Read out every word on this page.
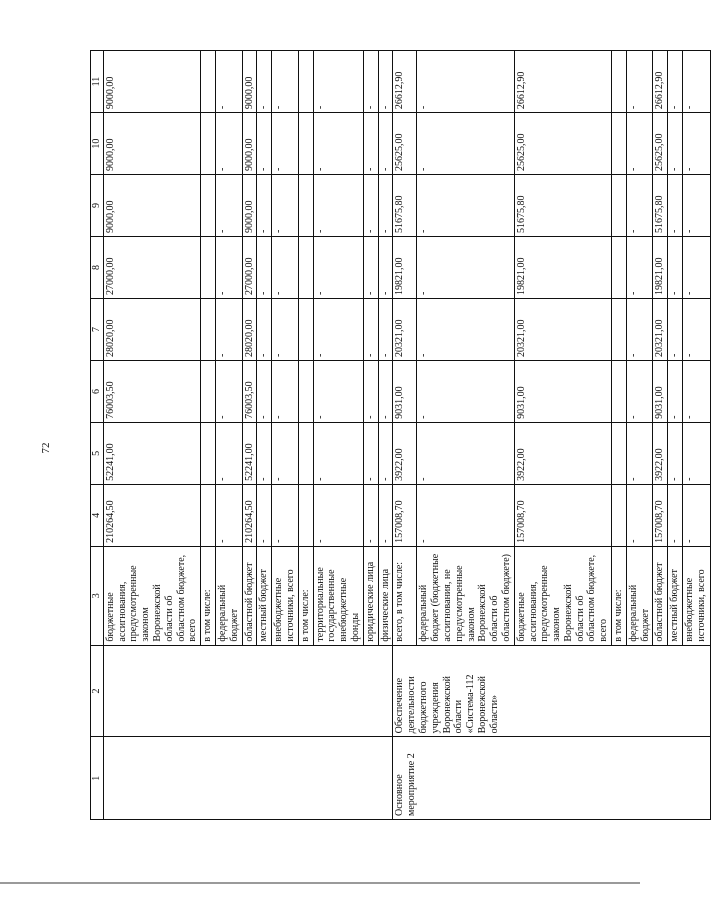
72
1	2	3	4	5	6	7	8	9	10	11
		бюджетные ассигнования, предусмотренные законом Воронежской области об областном бюджете, всего	210264,50	52241,00	76003,50	28020,00	27000,00	9000,00	9000,00	9000,00
		в том числе:								
		федеральный бюджет	-	-	-	-	-	-	-	-
		областной бюджет	210264,50	52241,00	76003,50	28020,00	27000,00	9000,00	9000,00	9000,00
		местный бюджет	-	-	-	-	-	-	-	-
		внебюджетные источники, всего	-	-	-	-	-	-	-	-
		в том числе:								
		территориальные государственные внебюджетные фонды	-	-	-	-	-	-	-	-
		юридические лица	-	-	-	-	-	-	-	-
		физические лица	-	-	-	-	-	-	-	-
Основное мероприятие 2	Обеспечение деятельности бюджетного учреждения Воронежской области «Система-112 Воронежской области»	всего, в том числе:	157008,70	3922,00	9031,00	20321,00	19821,00	51675,80	25625,00	26612,90
		федеральный бюджет (бюджетные ассигнования, не предусмотренные законом Воронежской области об областном бюджете)	-	-	-	-	-	-	-	-
		бюджетные ассигнования, предусмотренные законом Воронежской области об областном бюджете, всего	157008,70	3922,00	9031,00	20321,00	19821,00	51675,80	25625,00	26612,90
		в том числе:								
		федеральный бюджет	-	-	-	-	-	-	-	-
		областной бюджет	157008,70	3922,00	9031,00	20321,00	19821,00	51675,80	25625,00	26612,90
		местный бюджет	-	-	-	-	-	-	-	-
		внебюджетные источники, всего	-	-	-	-	-	-	-	-
